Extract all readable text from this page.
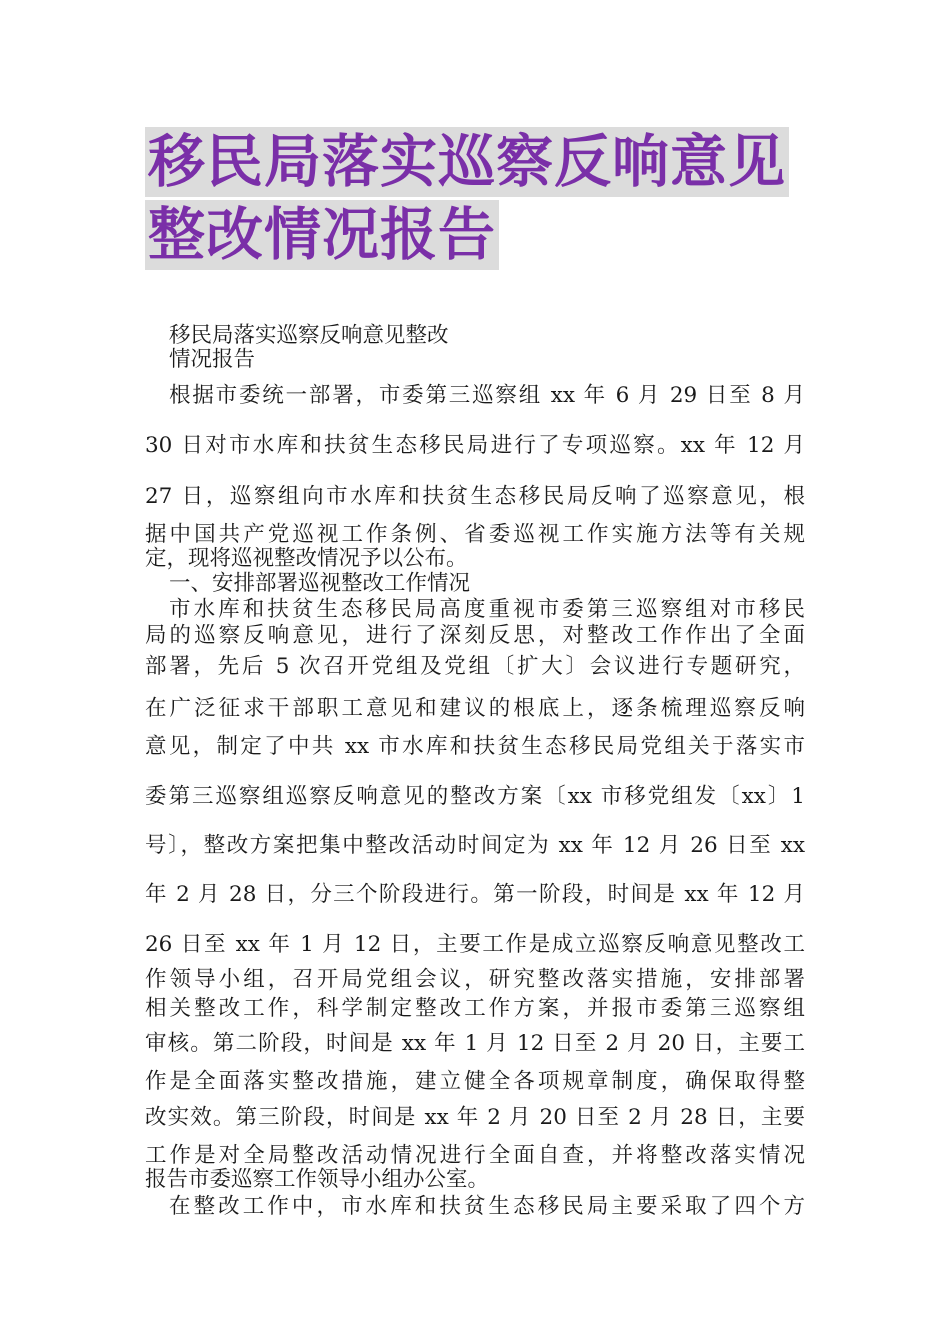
移民局落实巡察反响意见
整改情况报告
移民局落实巡察反响意见整改
情况报告
根据市委统一部署，市委第三巡察组 xx 年 6 月 29 日至 8 月
30 日对市水库和扶贫生态移民局进行了专项巡察。xx 年 12 月
27 日，巡察组向市水库和扶贫生态移民局反响了巡察意见，根
据中国共产党巡视工作条例、省委巡视工作实施方法等有关规
定，现将巡视整改情况予以公布。
一、安排部署巡视整改工作情况
市水库和扶贫生态移民局高度重视市委第三巡察组对市移民
局的巡察反响意见，进行了深刻反思，对整改工作作出了全面
部署，先后 5 次召开党组及党组〔扩大〕会议进行专题研究，
在广泛征求干部职工意见和建议的根底上，逐条梳理巡察反响
意见，制定了中共 xx 市水库和扶贫生态移民局党组关于落实市
委第三巡察组巡察反响意见的整改方案〔xx 市移党组发〔xx〕1
号〕，整改方案把集中整改活动时间定为 xx 年 12 月 26 日至 xx
年 2 月 28 日，分三个阶段进行。第一阶段，时间是 xx 年 12 月
26 日至 xx 年 1 月 12 日，主要工作是成立巡察反响意见整改工
作领导小组，召开局党组会议，研究整改落实措施，安排部署
相关整改工作，科学制定整改工作方案，并报市委第三巡察组
审核。第二阶段，时间是 xx 年 1 月 12 日至 2 月 20 日，主要工
作是全面落实整改措施，建立健全各项规章制度，确保取得整
改实效。第三阶段，时间是 xx 年 2 月 20 日至 2 月 28 日，主要
工作是对全局整改活动情况进行全面自查，并将整改落实情况
报告市委巡察工作领导小组办公室。
在整改工作中，市水库和扶贫生态移民局主要采取了四个方
